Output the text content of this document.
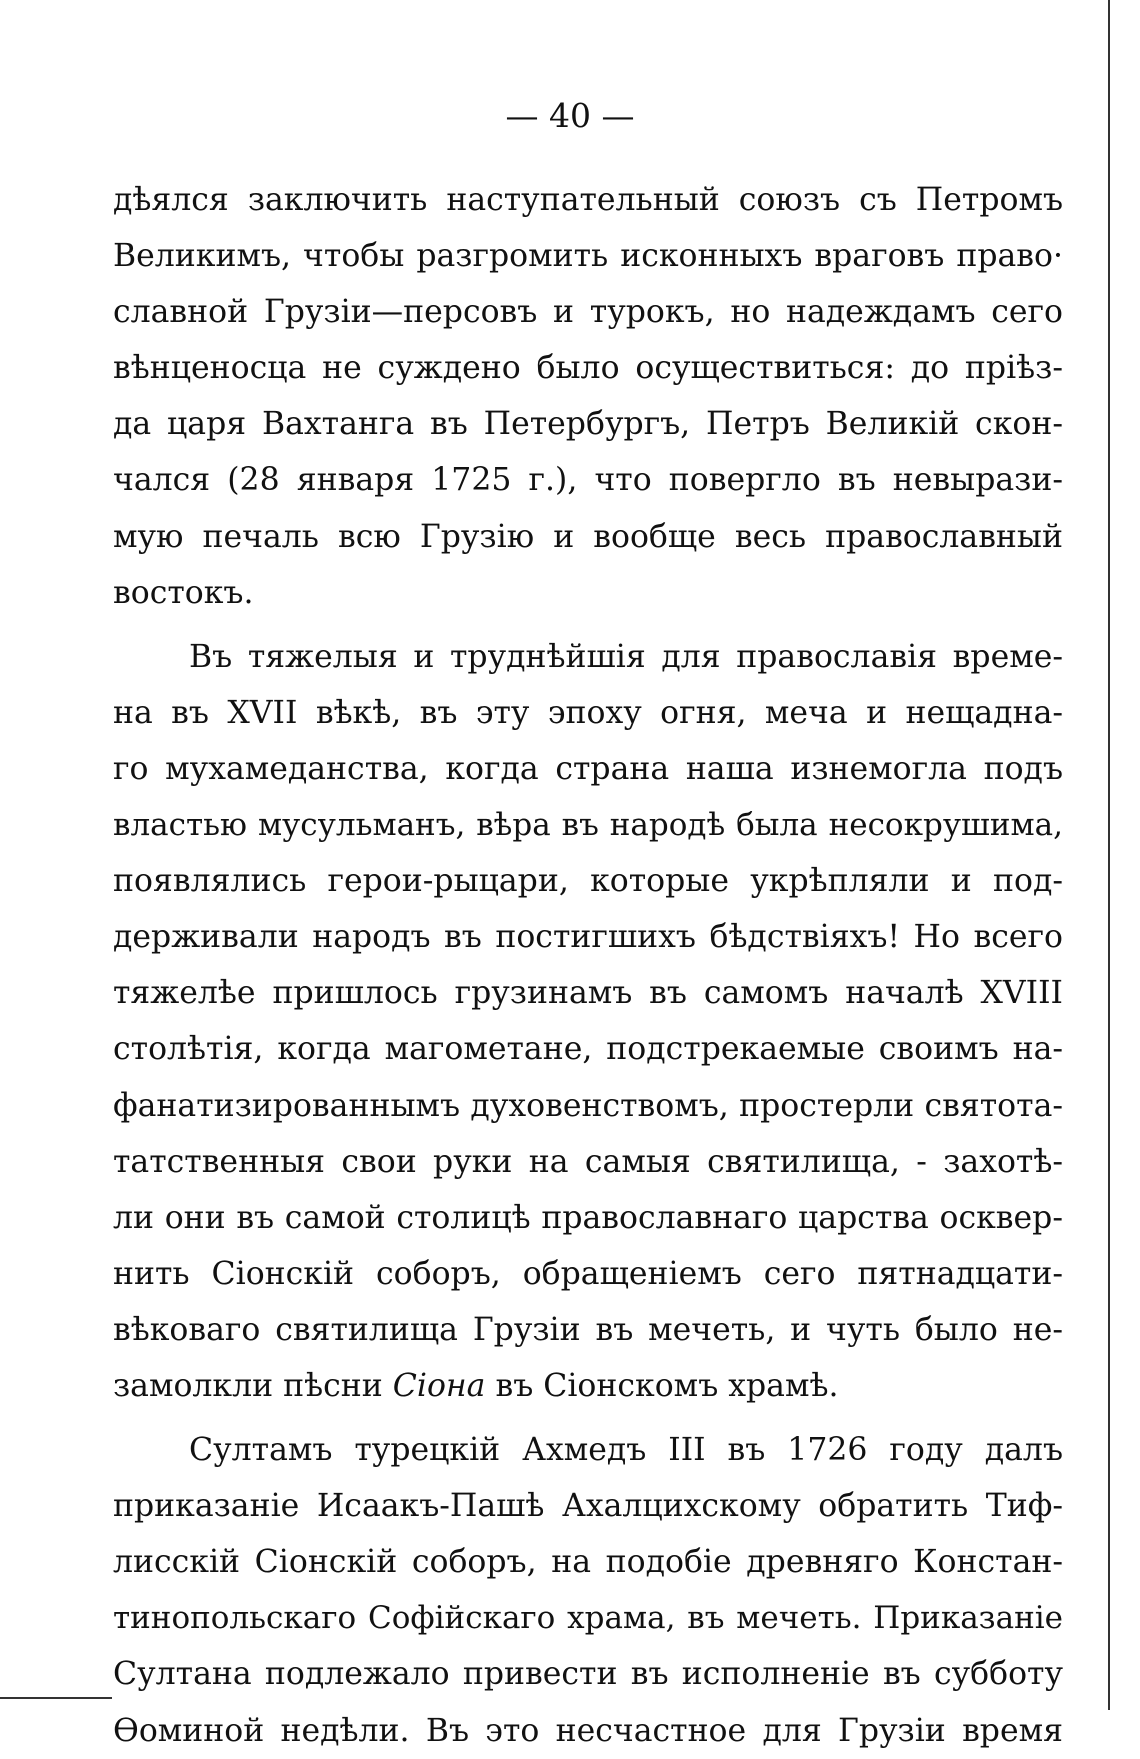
— 40 —
дѣялся заключить наступательный союзъ съ Петромъ
Великимъ, чтобы разгромить исконныхъ враговъ право·
славной Грузіи—персовъ и турокъ, но надеждамъ сего
вѣнценосца не суждено было осуществиться: до пріѣз-
да царя Вахтанга въ Петербургъ, Петръ Великій скон-
чался (28 января 1725 г.), что повергло въ невырази-
мую печаль всю Грузію и вообще весь православный
востокъ.
Въ тяжелыя и труднѣйшія для православія време-
на въ XVII вѣкѣ, въ эту эпоху огня, меча и нещадна-
го мухамеданства, когда страна наша изнемогла подъ
властью мусульманъ, вѣра въ народѣ была несокрушима,
появлялись герои-рыцари, которые укрѣпляли и под-
держивали народъ въ постигшихъ бѣдствіяхъ! Но всего
тяжелѣе пришлось грузинамъ въ самомъ началѣ XVIII
столѣтія, когда магометане, подстрекаемые своимъ на-
фанатизированнымъ духовенствомъ, простерли святота-
татственныя свои руки на самыя святилища, - захотѣ-
ли они въ самой столицѣ православнаго царства осквер-
нить Сіонскій соборъ, обращеніемъ сего пятнадцати-
вѣковаго святилища Грузіи въ мечеть, и чуть было не-
замолкли пѣсни Сіона въ Сіонскомъ храмѣ.
Султамъ турецкій Ахмедъ III въ 1726 году далъ
приказаніе Исаакъ-Пашѣ Ахалцихскому обратить Тиф-
лисскій Сіонскій соборъ, на подобіе древняго Констан-
тинопольскаго Софійскаго храма, въ мечеть. Приказаніе
Султана подлежало привести въ исполненіе въ субботу
Ѳоминой недѣли. Въ это несчастное для Грузіи время
